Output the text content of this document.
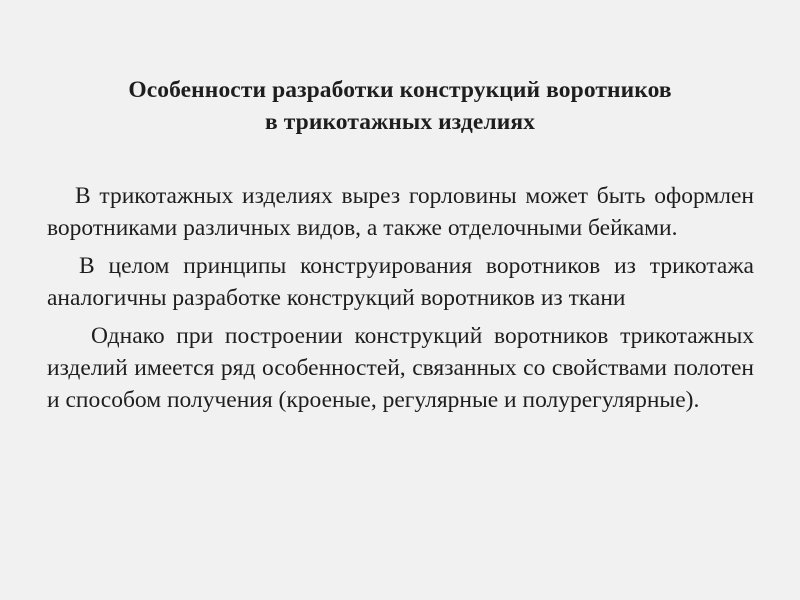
Особенности разработки конструкций воротников
в трикотажных изделиях

В трикотажных изделиях вырез горловины может быть оформлен воротниками различных видов, а также отделочными бейками.

В целом принципы конструирования воротников из трикотажа аналогичны разработке конструкций воротников из ткани

Однако при построении конструкций воротников трикотажных изделий имеется ряд особенностей, связанных со свойствами полотен и способом получения (кроеные, регулярные и полурегулярные).
